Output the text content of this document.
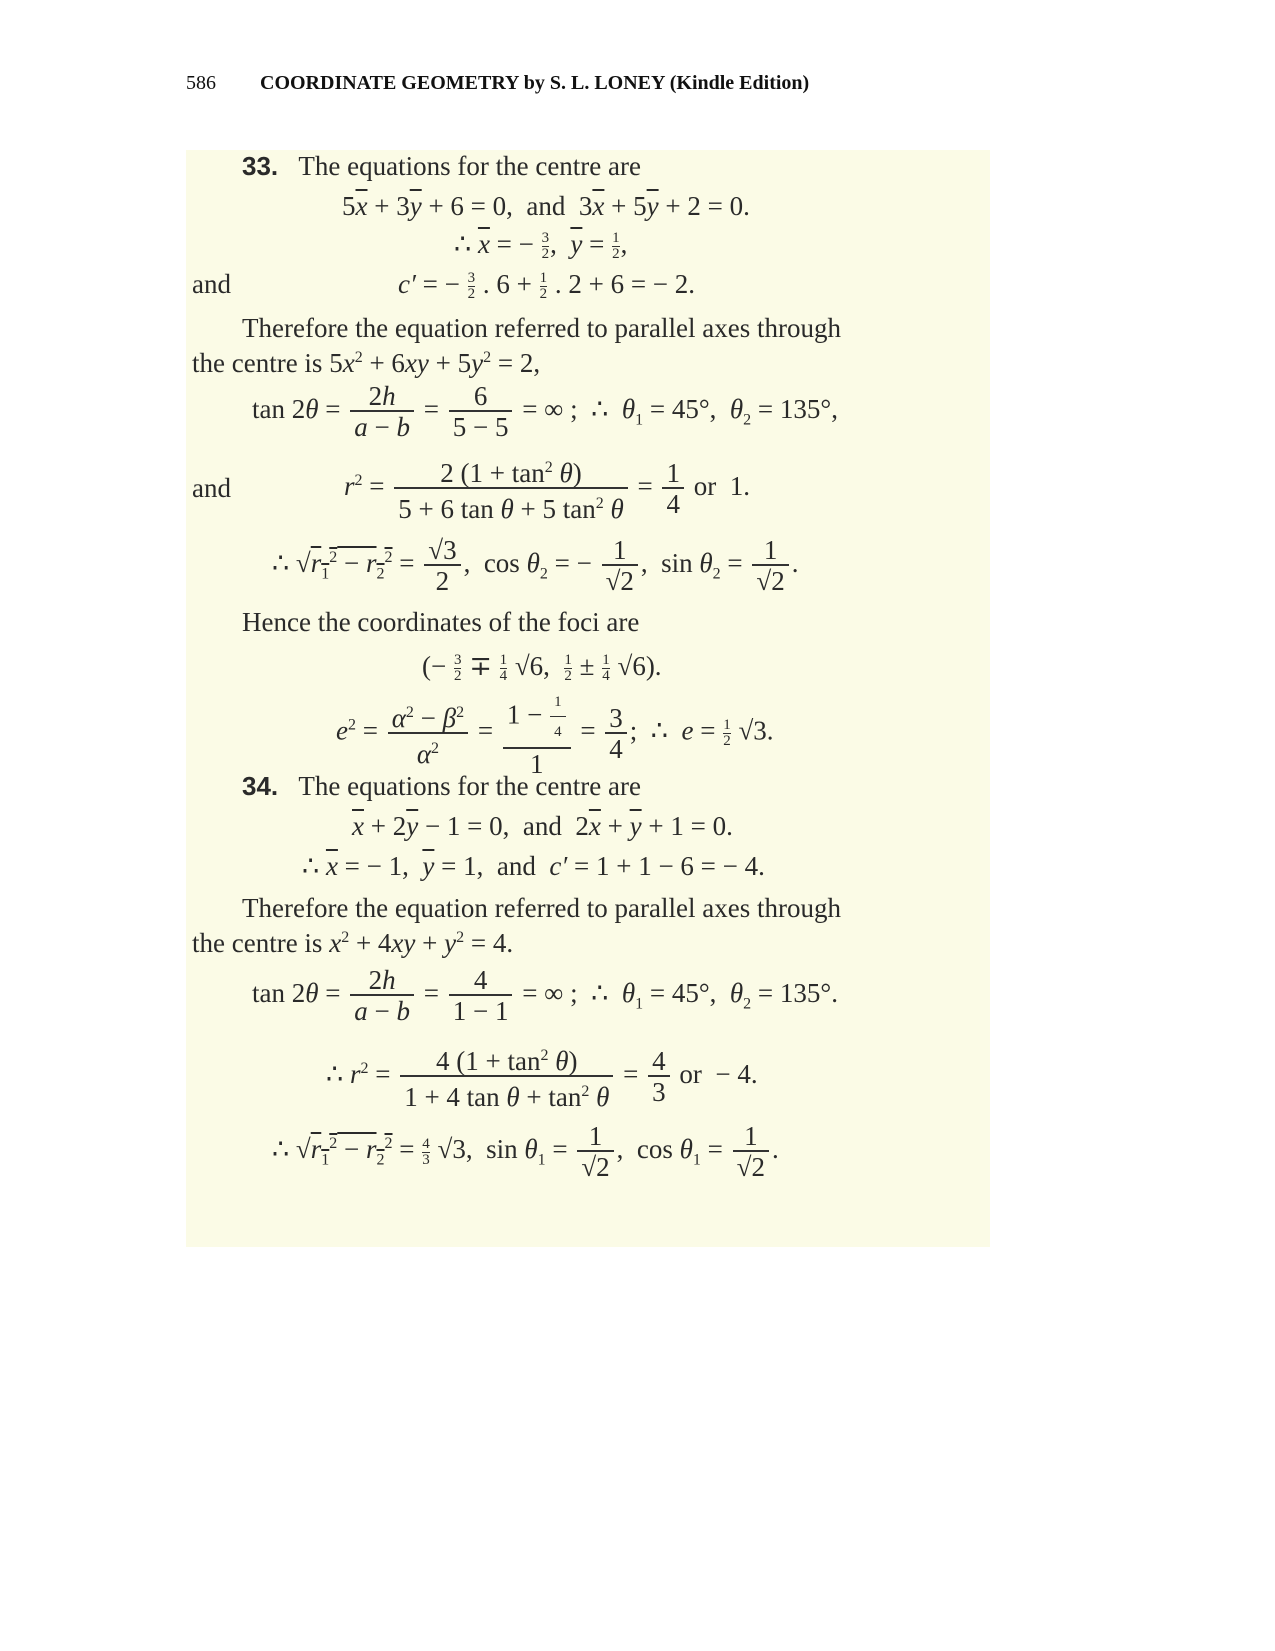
586 COORDINATE GEOMETRY by S. L. LONEY (Kindle Edition)
33. The equations for the centre are
$5\overline{x} + 3\overline{y} + 6 = 0$,  and  $3\overline{x} + 5\overline{y} + 2 = 0$.
∴ $\overline{x}$ = − $\frac{3}{2}$ ,  $\overline{y} = \frac{1}{2}$ ,
and	c′ = − $\frac{3}{2}$ . $6 + \frac{1}{2}$ . 2 + 6 = − 2.
Therefore the equation referred to parallel axes through
the centre is $5x^2 + 6xy + 5y^2 = 2$,
$\tan 2\theta = \frac{2h}{a - b} = \frac{6}{5 - 5}$ = ∞ ;  ∴  $\theta_1 = 45^\circ$,  $\theta_2 = 135^\circ$,
and	$r^2 = \frac{2 (1 + \tan^2 \theta)}{5 + 6 \tan \theta + 5 \tan^2 \theta} = \frac{1}{4}$ or  1.
∴ $√r_1^2 - r_2^2 = \frac{√3}{2}$ ,  $\cos \theta_2$ = − $\frac{1}{√2}$ ,  $\sin \theta_2 = \frac{1}{√2}$ .
Hence the coordinates of the foci are
(− $\frac{3}{2} \mp \frac{1}{4} √6$, $\frac{1}{2} \pm \frac{1}{4} √6$).
$e^2 = \frac{\alpha^2 - \beta^2}{\alpha^2} = \frac{1 - \frac{1}{4}}{1} = \frac{3}{4}$ ;  ∴  $e = \frac{1}{2} √3$.
34. The equations for the centre are
$\overline{x} + 2\overline{y} - 1 = 0$,  and  $2\overline{x} + \overline{y} + 1 = 0$.
∴ $\overline{x}$ = − 1,  $\overline{y} = 1$,  and  c′ = 1 + 1 − 6 = − 4.
Therefore the equation referred to parallel axes through
the centre is $x^2 + 4xy + y^2 = 4$.
$\tan 2\theta = \frac{2h}{a - b} = \frac{4}{1 - 1}$ = ∞ ;  ∴  $\theta_1 = 45^\circ$,  $\theta_2 = 135^\circ$.
∴ $r^2 = \frac{4 (1 + \tan^2 \theta)}{1 + 4 \tan \theta + \tan^2 \theta} = \frac{4}{3}$ or  − 4.
∴ $√r_1^2 - r_2^2 = \frac{4}{3} √3$,  $\sin \theta_1 = \frac{1}{√2}$ ,  $\cos \theta_1 = \frac{1}{√2}$ .
